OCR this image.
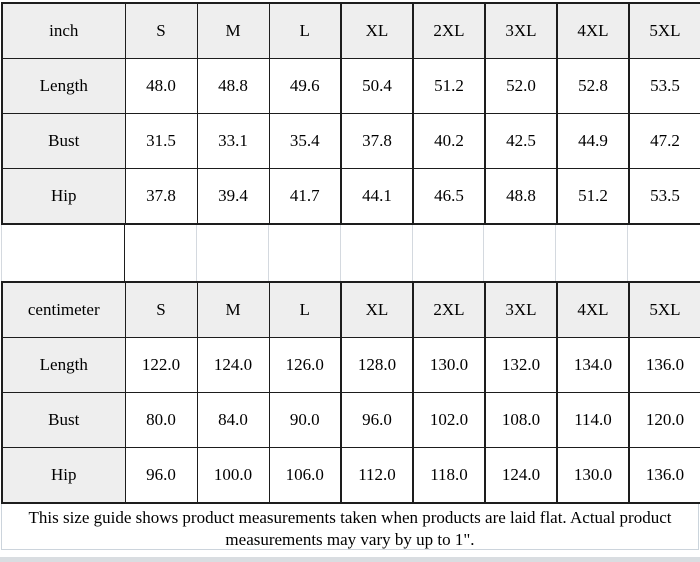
inch	S	M	L	XL	2XL	3XL	4XL	5XL
Length	48.0	48.8	49.6	50.4	51.2	52.0	52.8	53.5
Bust	31.5	33.1	35.4	37.8	40.2	42.5	44.9	47.2
Hip	37.8	39.4	41.7	44.1	46.5	48.8	51.2	53.5
centimeter	S	M	L	XL	2XL	3XL	4XL	5XL
Length	122.0	124.0	126.0	128.0	130.0	132.0	134.0	136.0
Bust	80.0	84.0	90.0	96.0	102.0	108.0	114.0	120.0
Hip	96.0	100.0	106.0	112.0	118.0	124.0	130.0	136.0
This size guide shows product measurements taken when products are laid flat. Actual product measurements may vary by up to 1".
